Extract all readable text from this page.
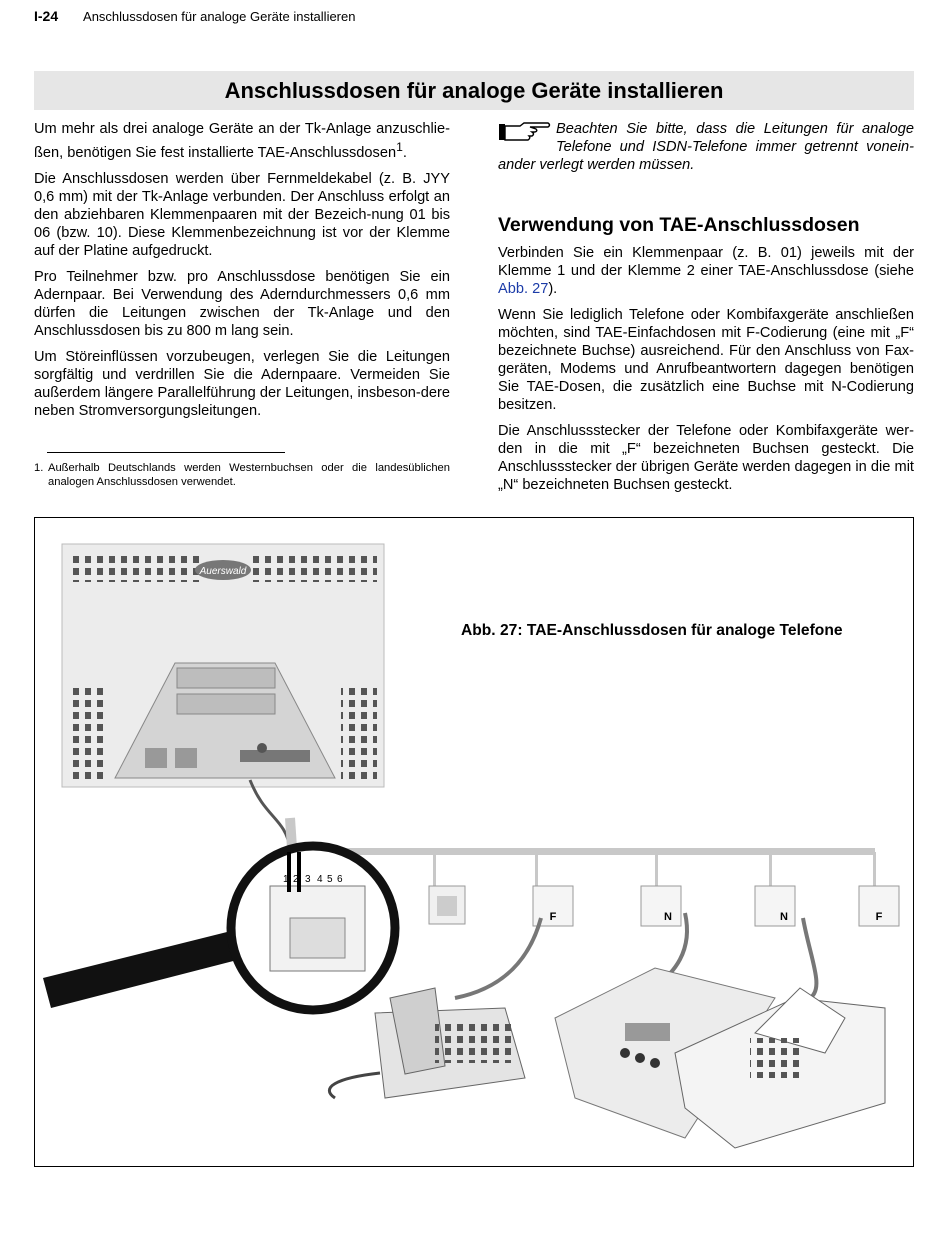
I-24 Anschlussdosen für analoge Geräte installieren
Anschlussdosen für analoge Geräte installieren

Um mehr als drei analoge Geräte an der Tk-Anlage anzuschlie-ßen, benötigen Sie fest installierte TAE-Anschlussdosen$^1$.

Die Anschlussdosen werden über Fernmeldekabel (z. B. JYY 0,6 mm) mit der Tk-Anlage verbunden. Der Anschluss erfolgt an den abziehbaren Klemmenpaaren mit der Bezeich-nung 01 bis 06 (bzw. 10). Diese Klemmenbezeichnung ist vor der Klemme auf der Platine aufgedruckt.

Pro Teilnehmer bzw. pro Anschlussdose benötigen Sie ein Adernpaar. Bei Verwendung des Aderndurchmessers 0,6 mm dürfen die Leitungen zwischen der Tk-Anlage und den Anschlussdosen bis zu 800 m lang sein.

Um Störeinflüssen vorzubeugen, verlegen Sie die Leitungen sorgfältig und verdrillen Sie die Adernpaare. Vermeiden Sie außerdem längere Parallelführung der Leitungen, insbeson-dere neben Stromversorgungsleitungen.

1. Außerhalb Deutschlands werden Westernbuchsen oder die landesüblichen analogen Anschlussdosen verwendet.
Beachten Sie bitte, dass die Leitungen für analoge Telefone und ISDN-Telefone immer getrennt vonein-ander verlegt werden müssen.
Verwendung von TAE-Anschlussdosen

Verbinden Sie ein Klemmenpaar (z. B. 01) jeweils mit der Klemme 1 und der Klemme 2 einer TAE-Anschlussdose (siehe Abb. 27).

Wenn Sie lediglich Telefone oder Kombifaxgeräte anschließen möchten, sind TAE-Einfachdosen mit F-Codierung (eine mit „F“ bezeichnete Buchse) ausreichend. Für den Anschluss von Fax-geräten, Modems und Anrufbeantwortern dagegen benötigen Sie TAE-Dosen, die zusätzlich eine Buchse mit N-Codierung besitzen.

Die Anschlussstecker der Telefone oder Kombifaxgeräte wer-den in die mit „F“ bezeichneten Buchsen gesteckt. Die Anschlussstecker der übrigen Geräte werden dagegen in die mit „N“ bezeichneten Buchsen gesteckt.

Abb. 27: TAE-Anschlussdosen für analoge Telefone
Auerswald
F	N	N	F
1 2 3 4 5 6
